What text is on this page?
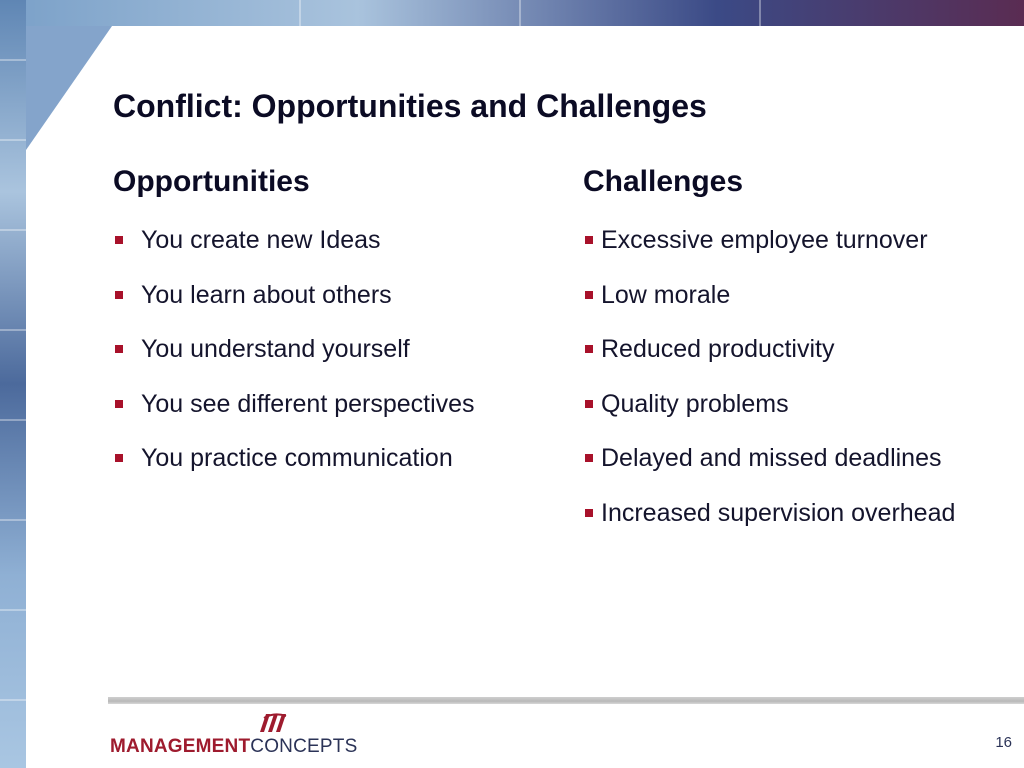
Conflict: Opportunities and Challenges
Opportunities	Challenges
You create new Ideas
You learn about others
You understand yourself
You see different perspectives
You practice communication
Excessive employee turnover
Low morale
Reduced productivity
Quality problems
Delayed and missed deadlines
Increased supervision overhead
MANAGEMENTCONCEPTS	16
